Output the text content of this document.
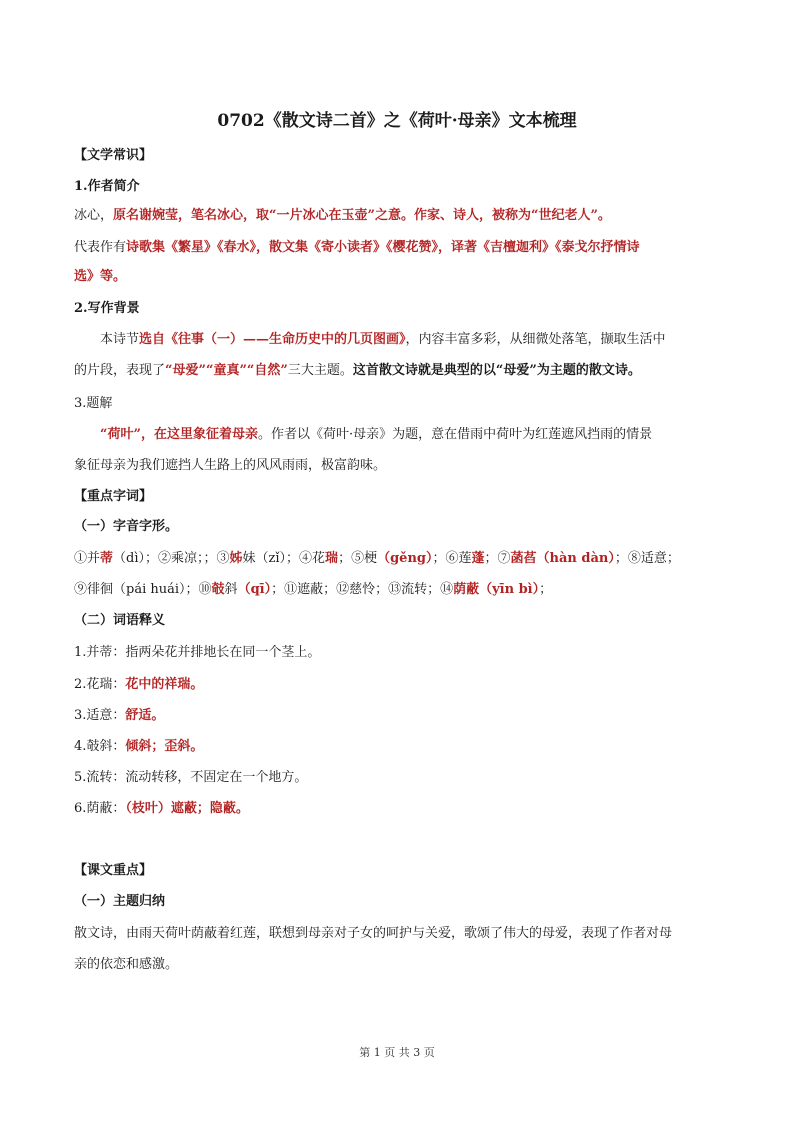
0702《散文诗二首》之《荷叶·母亲》文本梳理
【文学常识】
1.作者简介
冰心，原名谢婉莹，笔名冰心，取“一片冰心在玉壶”之意。作家、诗人，被称为“世纪老人”。
代表作有诗歌集《繁星》《春水》，散文集《寄小读者》《樱花赞》，译著《吉檀迦利》《泰戈尔抒情诗
选》等。
2.写作背景
本诗节选自《往事（一）——生命历史中的几页图画》，内容丰富多彩，从细微处落笔，撷取生活中
的片段，表现了“母爱”“童真”“自然”三大主题。这首散文诗就是典型的以“母爱”为主题的散文诗。
3.题解
“荷叶”，在这里象征着母亲。作者以《荷叶·母亲》为题，意在借雨中荷叶为红莲遮风挡雨的情景
象征母亲为我们遮挡人生路上的风风雨雨，极富韵味。
【重点字词】
（一）字音字形。
①并蒂（dì）；②乘凉；；③姊妹（zǐ）；④花瑞；⑤梗（gěng）；⑥莲蓬；⑦菡萏（hàn dàn）；⑧适意；
⑨徘徊（pái huái）；⑩攲斜（qī）；⑪遮蔽；⑫慈怜；⑬流转；⑭荫蔽（yīn bì）；
（二）词语释义
1.并蒂：指两朵花并排地长在同一个茎上。
2.花瑞：花中的祥瑞。
3.适意：舒适。
4.攲斜：倾斜；歪斜。
5.流转：流动转移，不固定在一个地方。
6.荫蔽：（枝叶）遮蔽；隐蔽。
【课文重点】
（一）主题归纳
散文诗，由雨天荷叶荫蔽着红莲，联想到母亲对子女的呵护与关爱，歌颂了伟大的母爱，表现了作者对母
亲的依恋和感激。
第 1 页 共 3 页
